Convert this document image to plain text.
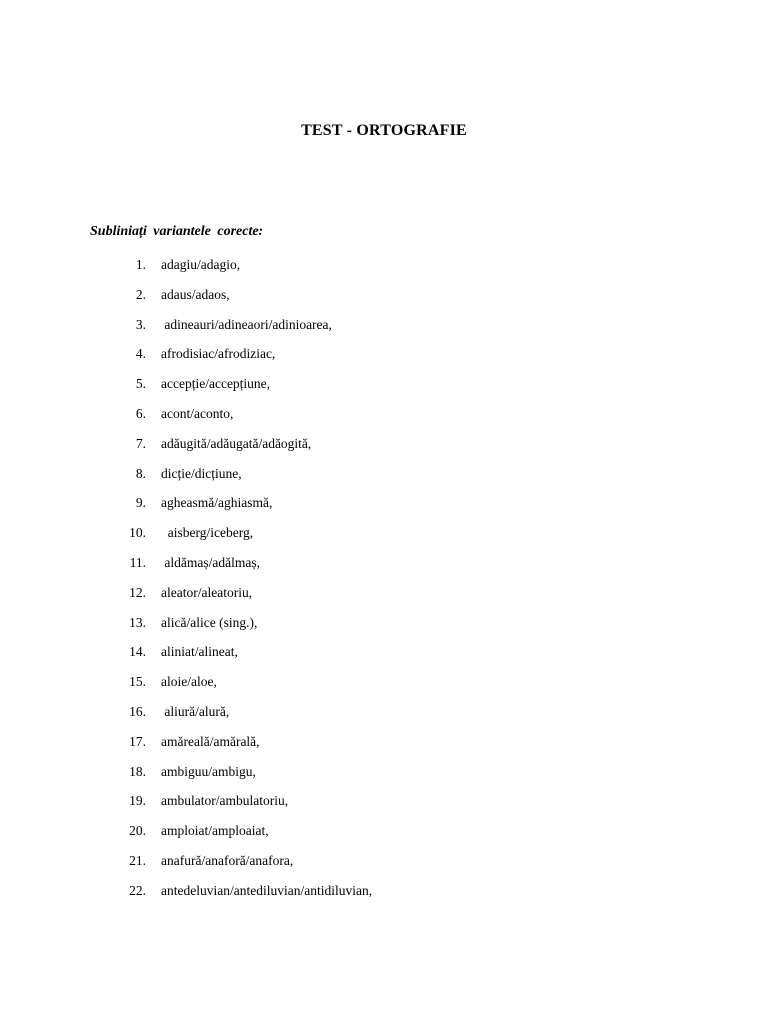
TEST - ORTOGRAFIE
Subliniați variantele corecte:
1. adagiu/adagio,
2. adaus/adaos,
3. adineauri/adineaori/adinioarea,
4. afrodisiac/afrodiziac,
5. accepție/accepțiune,
6. acont/aconto,
7. adăugită/adăugată/adăogită,
8. dicție/dicțiune,
9. agheasmă/aghiasmă,
10. aisberg/iceberg,
11. aldămaș/adălmaș,
12. aleator/aleatoriu,
13. alică/alice (sing.),
14. aliniat/alineat,
15. aloie/aloe,
16. aliură/alură,
17. amăreală/amărală,
18. ambiguu/ambigu,
19. ambulator/ambulatoriu,
20. amploiat/amploaiat,
21. anafură/anaforă/anafora,
22. antedeluvian/antediluvian/antidiluvian,
